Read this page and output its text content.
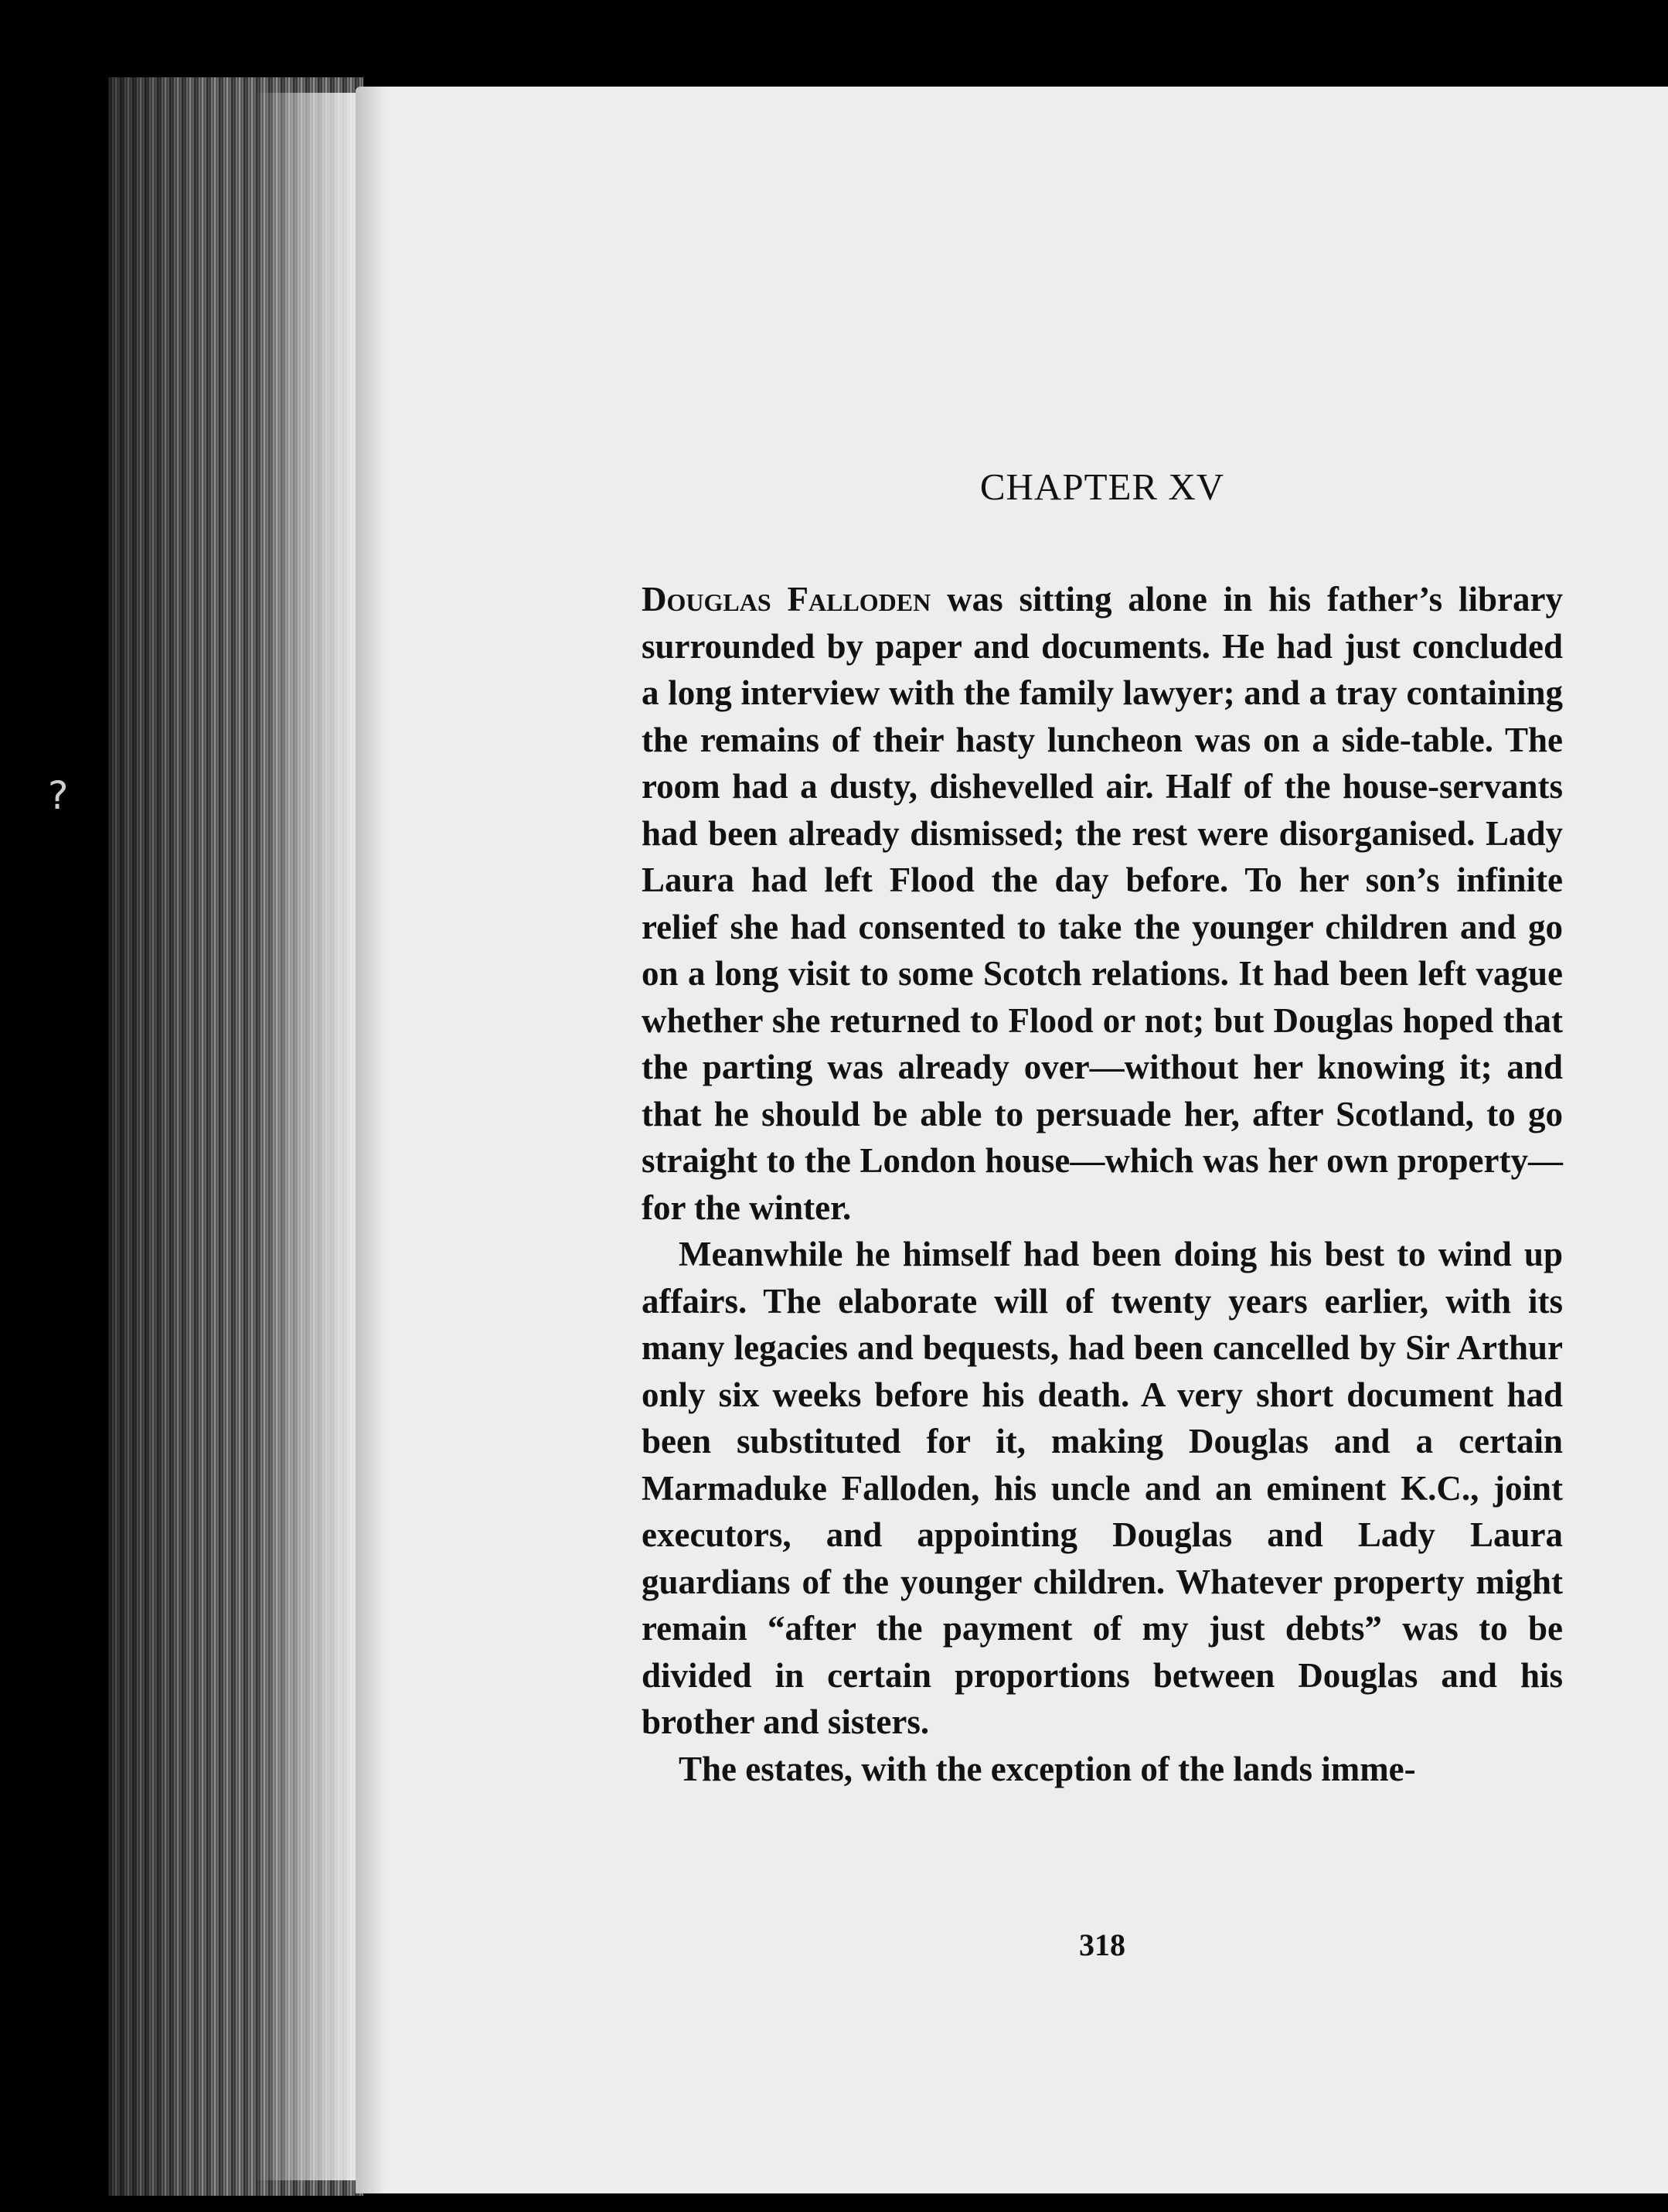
?
CHAPTER XV

Douglas Falloden was sitting alone in his father’s library surrounded by paper and documents. He had just concluded a long interview with the family lawyer; and a tray containing the remains of their hasty luncheon was on a side-table. The room had a dusty, dishevelled air. Half of the house-servants had been already dismissed; the rest were disorganised. Lady Laura had left Flood the day before. To her son’s infinite relief she had consented to take the younger children and go on a long visit to some Scotch relations. It had been left vague whether she returned to Flood or not; but Douglas hoped that the parting was already over—without her knowing it; and that he should be able to persuade her, after Scotland, to go straight to the London house—which was her own property—for the winter.

Meanwhile he himself had been doing his best to wind up affairs. The elaborate will of twenty years earlier, with its many legacies and bequests, had been cancelled by Sir Arthur only six weeks before his death. A very short document had been substituted for it, making Douglas and a certain Marmaduke Falloden, his uncle and an eminent K.C., joint executors, and appointing Douglas and Lady Laura guardians of the younger children. Whatever property might remain “after the payment of my just debts” was to be divided in certain proportions between Douglas and his brother and sisters.

The estates, with the exception of the lands imme-

318
